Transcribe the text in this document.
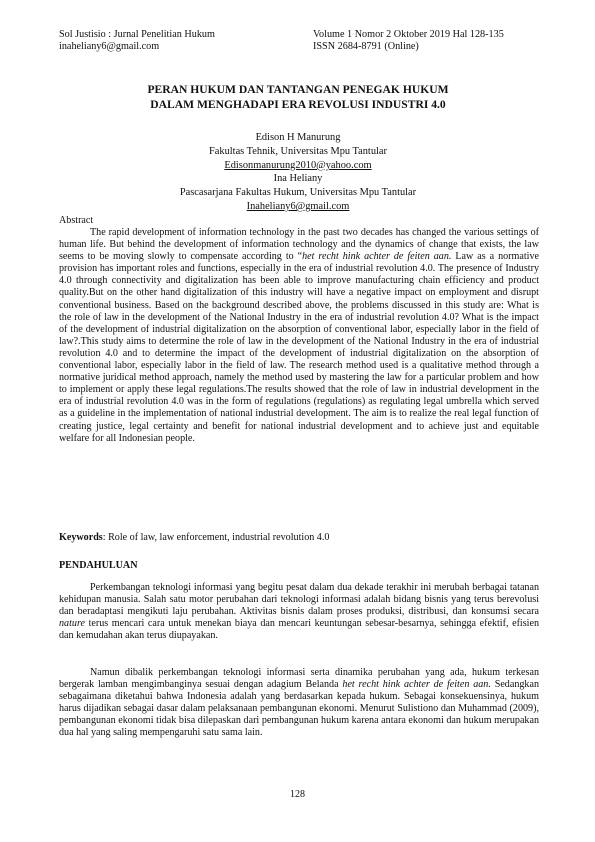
Sol Justisio : Jurnal Penelitian Hukum
inaheliany6@gmail.com
Volume 1 Nomor 2 Oktober 2019 Hal 128-135
ISSN 2684-8791 (Online)
PERAN HUKUM DAN TANTANGAN PENEGAK HUKUM
DALAM MENGHADAPI ERA REVOLUSI INDUSTRI 4.0
Edison H Manurung
Fakultas Tehnik, Universitas Mpu Tantular
Edisonmanurung2010@yahoo.com
Ina Heliany
Pascasarjana Fakultas Hukum, Universitas Mpu Tantular
Inaheliany6@gmail.com
Abstract

The rapid development of information technology in the past two decades has changed the various settings of human life. But behind the development of information technology and the dynamics of change that exists, the law seems to be moving slowly to compensate according to “het recht hink achter de feiten aan. Law as a normative provision has important roles and functions, especially in the era of industrial revolution 4.0. The presence of Industry 4.0 through connectivity and digitalization has been able to improve manufacturing chain efficiency and product quality.But on the other hand digitalization of this industry will have a negative impact on employment and disrupt conventional business. Based on the background described above, the problems discussed in this study are: What is the role of law in the development of the National Industry in the era of industrial revolution 4.0? What is the impact of the development of industrial digitalization on the absorption of conventional labor, especially labor in the field of law?.This study aims to determine the role of law in the development of the National Industry in the era of industrial revolution 4.0 and to determine the impact of the development of industrial digitalization on the absorption of conventional labor, especially labor in the field of law. The research method used is a qualitative method through a normative juridical method approach, namely the method used by mastering the law for a particular problem and how to implement or apply these legal regulations.The results showed that the role of law in industrial development in the era of industrial revolution 4.0 was in the form of regulations (regulations) as regulating legal umbrella which served as a guideline in the implementation of national industrial development. The aim is to realize the real legal function of creating justice, legal certainty and benefit for national industrial development and to achieve just and equitable welfare for all Indonesian people.

Keywords: Role of law, law enforcement, industrial revolution 4.0
PENDAHULUAN

Perkembangan teknologi informasi yang begitu pesat dalam dua dekade terakhir ini merubah berbagai tatanan kehidupan manusia. Salah satu motor perubahan dari teknologi informasi adalah bidang bisnis yang terus berevolusi dan beradaptasi mengikuti laju perubahan. Aktivitas bisnis dalam proses produksi, distribusi, dan konsumsi secara nature terus mencari cara untuk menekan biaya dan mencari keuntungan sebesar-besarnya, sehingga efektif, efisien dan kemudahan akan terus diupayakan.

Namun dibalik perkembangan teknologi informasi serta dinamika perubahan yang ada, hukum terkesan bergerak lamban mengimbanginya sesuai dengan adagium Belanda het recht hink achter de feiten aan. Sedangkan sebagaimana diketahui bahwa Indonesia adalah yang berdasarkan kepada hukum. Sebagai konsekuensinya, hukum harus dijadikan sebagai dasar dalam pelaksanaan pembangunan ekonomi. Menurut Sulistiono dan Muhammad (2009), pembangunan ekonomi tidak bisa dilepaskan dari pembangunan hukum karena antara ekonomi dan hukum merupakan dua hal yang saling mempengaruhi satu sama lain.

128
